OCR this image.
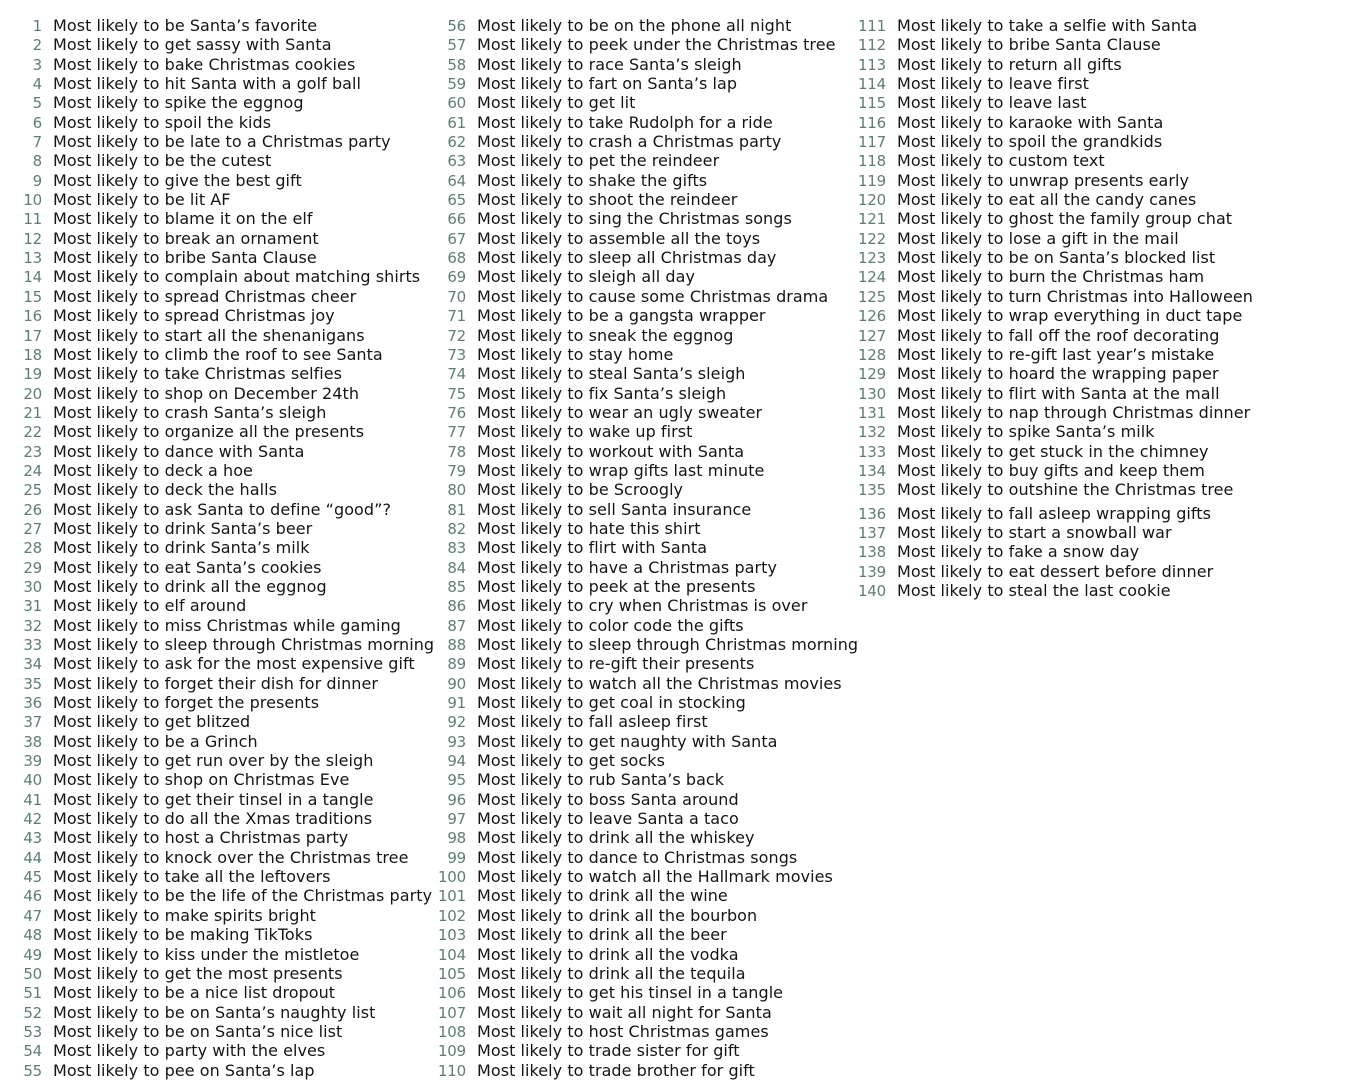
1 Most likely to be Santa’s favorite
2 Most likely to get sassy with Santa
3 Most likely to bake Christmas cookies
4 Most likely to hit Santa with a golf ball
5 Most likely to spike the eggnog
6 Most likely to spoil the kids
7 Most likely to be late to a Christmas party
8 Most likely to be the cutest
9 Most likely to give the best gift
10 Most likely to be lit AF
11 Most likely to blame it on the elf
12 Most likely to break an ornament
13 Most likely to bribe Santa Clause
14 Most likely to complain about matching shirts
15 Most likely to spread Christmas cheer
16 Most likely to spread Christmas joy
17 Most likely to start all the shenanigans
18 Most likely to climb the roof to see Santa
19 Most likely to take Christmas selfies
20 Most likely to shop on December 24th
21 Most likely to crash Santa’s sleigh
22 Most likely to organize all the presents
23 Most likely to dance with Santa
24 Most likely to deck a hoe
25 Most likely to deck the halls
26 Most likely to ask Santa to define “good”?
27 Most likely to drink Santa’s beer
28 Most likely to drink Santa’s milk
29 Most likely to eat Santa’s cookies
30 Most likely to drink all the eggnog
31 Most likely to elf around
32 Most likely to miss Christmas while gaming
33 Most likely to sleep through Christmas morning
34 Most likely to ask for the most expensive gift
35 Most likely to forget their dish for dinner
36 Most likely to forget the presents
37 Most likely to get blitzed
38 Most likely to be a Grinch
39 Most likely to get run over by the sleigh
40 Most likely to shop on Christmas Eve
41 Most likely to get their tinsel in a tangle
42 Most likely to do all the Xmas traditions
43 Most likely to host a Christmas party
44 Most likely to knock over the Christmas tree
45 Most likely to take all the leftovers
46 Most likely to be the life of the Christmas party
47 Most likely to make spirits bright
48 Most likely to be making TikToks
49 Most likely to kiss under the mistletoe
50 Most likely to get the most presents
51 Most likely to be a nice list dropout
52 Most likely to be on Santa’s naughty list
53 Most likely to be on Santa’s nice list
54 Most likely to party with the elves
55 Most likely to pee on Santa’s lap
56 Most likely to be on the phone all night
57 Most likely to peek under the Christmas tree
58 Most likely to race Santa’s sleigh
59 Most likely to fart on Santa’s lap
60 Most likely to get lit
61 Most likely to take Rudolph for a ride
62 Most likely to crash a Christmas party
63 Most likely to pet the reindeer
64 Most likely to shake the gifts
65 Most likely to shoot the reindeer
66 Most likely to sing the Christmas songs
67 Most likely to assemble all the toys
68 Most likely to sleep all Christmas day
69 Most likely to sleigh all day
70 Most likely to cause some Christmas drama
71 Most likely to be a gangsta wrapper
72 Most likely to sneak the eggnog
73 Most likely to stay home
74 Most likely to steal Santa’s sleigh
75 Most likely to fix Santa’s sleigh
76 Most likely to wear an ugly sweater
77 Most likely to wake up first
78 Most likely to workout with Santa
79 Most likely to wrap gifts last minute
80 Most likely to be Scroogly
81 Most likely to sell Santa insurance
82 Most likely to hate this shirt
83 Most likely to flirt with Santa
84 Most likely to have a Christmas party
85 Most likely to peek at the presents
86 Most likely to cry when Christmas is over
87 Most likely to color code the gifts
88 Most likely to sleep through Christmas morning
89 Most likely to re-gift their presents
90 Most likely to watch all the Christmas movies
91 Most likely to get coal in stocking
92 Most likely to fall asleep first
93 Most likely to get naughty with Santa
94 Most likely to get socks
95 Most likely to rub Santa’s back
96 Most likely to boss Santa around
97 Most likely to leave Santa a taco
98 Most likely to drink all the whiskey
99 Most likely to dance to Christmas songs
100 Most likely to watch all the Hallmark movies
101 Most likely to drink all the wine
102 Most likely to drink all the bourbon
103 Most likely to drink all the beer
104 Most likely to drink all the vodka
105 Most likely to drink all the tequila
106 Most likely to get his tinsel in a tangle
107 Most likely to wait all night for Santa
108 Most likely to host Christmas games
109 Most likely to trade sister for gift
110 Most likely to trade brother for gift
111 Most likely to take a selfie with Santa
112 Most likely to bribe Santa Clause
113 Most likely to return all gifts
114 Most likely to leave first
115 Most likely to leave last
116 Most likely to karaoke with Santa
117 Most likely to spoil the grandkids
118 Most likely to custom text
119 Most likely to unwrap presents early
120 Most likely to eat all the candy canes
121 Most likely to ghost the family group chat
122 Most likely to lose a gift in the mail
123 Most likely to be on Santa’s blocked list
124 Most likely to burn the Christmas ham
125 Most likely to turn Christmas into Halloween
126 Most likely to wrap everything in duct tape
127 Most likely to fall off the roof decorating
128 Most likely to re-gift last year’s mistake
129 Most likely to hoard the wrapping paper
130 Most likely to flirt with Santa at the mall
131 Most likely to nap through Christmas dinner
132 Most likely to spike Santa’s milk
133 Most likely to get stuck in the chimney
134 Most likely to buy gifts and keep them
135 Most likely to outshine the Christmas tree
136 Most likely to fall asleep wrapping gifts
137 Most likely to start a snowball war
138 Most likely to fake a snow day
139 Most likely to eat dessert before dinner
140 Most likely to steal the last cookie
